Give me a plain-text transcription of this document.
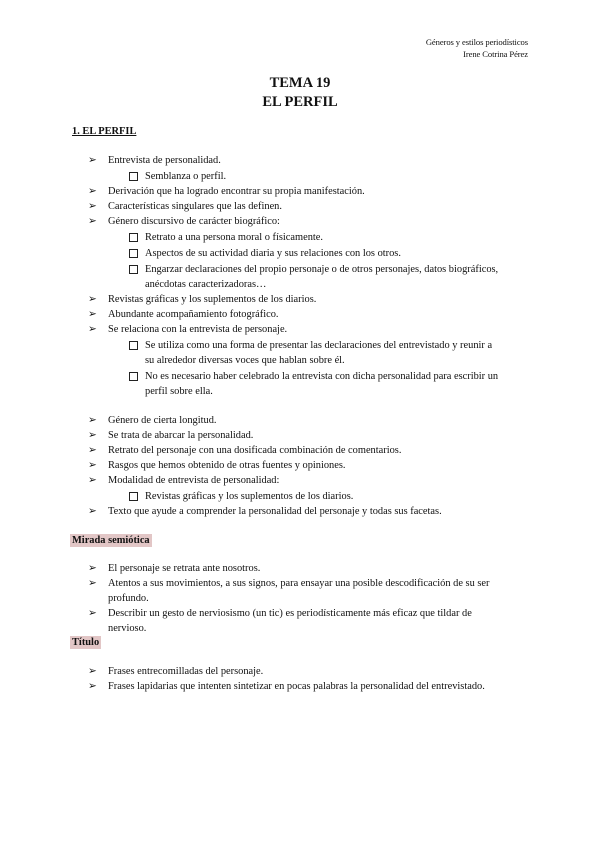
Géneros y estilos periodísticos
Irene Cotrina Pérez
TEMA 19
EL PERFIL
1. EL PERFIL
➢ Entrevista de personalidad.
Semblanza o perfil.
➢ Derivación que ha logrado encontrar su propia manifestación.
➢ Características singulares que las definen.
➢ Género discursivo de carácter biográfico:
Retrato a una persona moral o físicamente.
Aspectos de su actividad diaria y sus relaciones con los otros.
Engarzar declaraciones del propio personaje o de otros personajes, datos biográficos,
anécdotas caracterizadoras…
➢ Revistas gráficas y los suplementos de los diarios.
➢ Abundante acompañamiento fotográfico.
➢ Se relaciona con la entrevista de personaje.
Se utiliza como una forma de presentar las declaraciones del entrevistado y reunir a
su alrededor diversas voces que hablan sobre él.
No es necesario haber celebrado la entrevista con dicha personalidad para escribir un
perfil sobre ella.
➢ Género de cierta longitud.
➢ Se trata de abarcar la personalidad.
➢ Retrato del personaje con una dosificada combinación de comentarios.
➢ Rasgos que hemos obtenido de otras fuentes y opiniones.
➢ Modalidad de entrevista de personalidad:
Revistas gráficas y los suplementos de los diarios.
➢ Texto que ayude a comprender la personalidad del personaje y todas sus facetas.
Mirada semiótica
➢ El personaje se retrata ante nosotros.
➢ Atentos a sus movimientos, a sus signos, para ensayar una posible descodificación de su ser
profundo.
➢ Describir un gesto de nerviosismo (un tic) es periodísticamente más eficaz que tildar de
nervioso.
Título
➢ Frases entrecomilladas del personaje.
➢ Frases lapidarias que intenten sintetizar en pocas palabras la personalidad del entrevistado.
